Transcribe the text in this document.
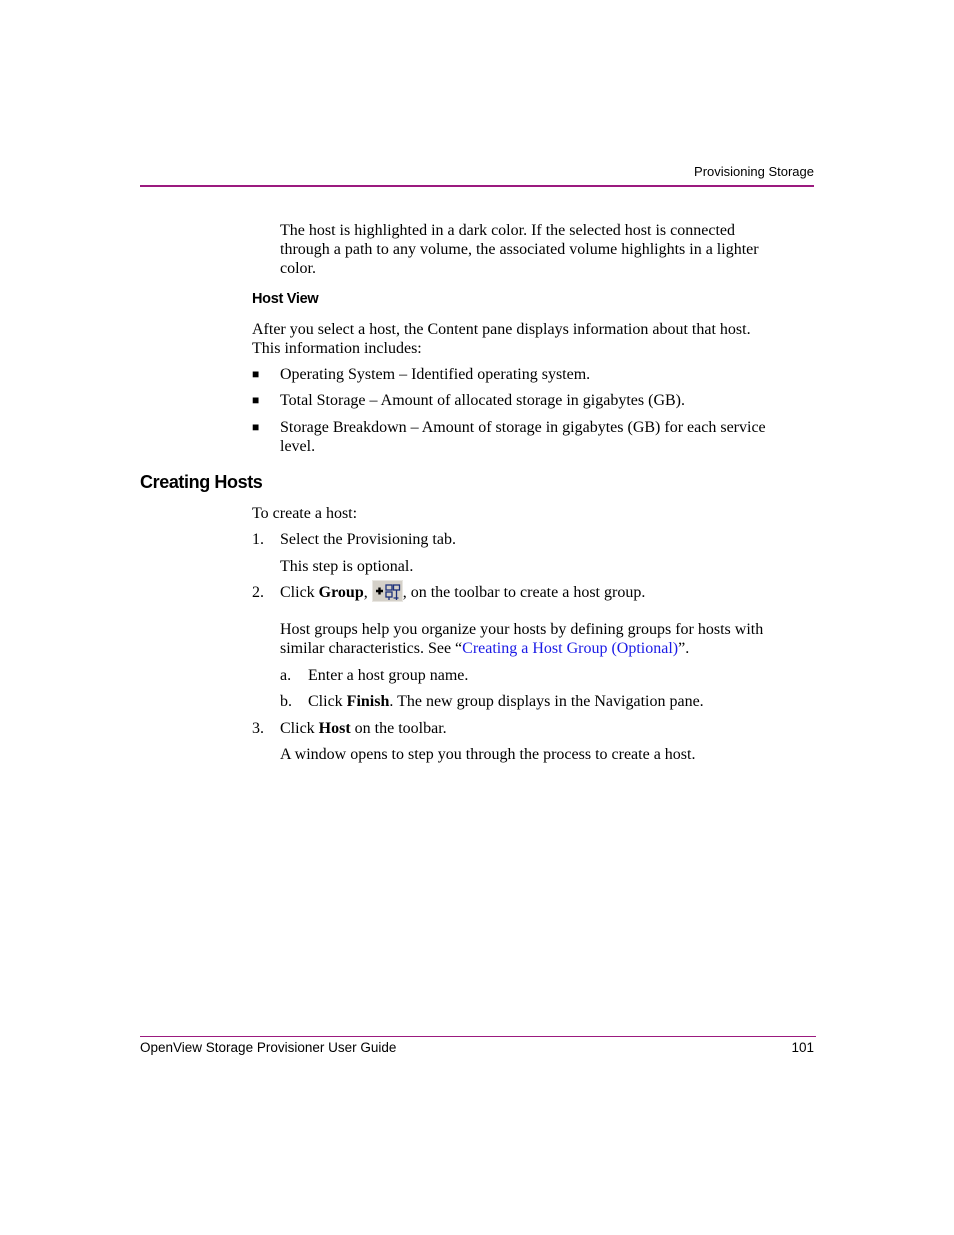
Provisioning Storage
The host is highlighted in a dark color. If the selected host is connected
through a path to any volume, the associated volume highlights in a lighter
color.
Host View
After you select a host, the Content pane displays information about that host.
This information includes:
■ Operating System – Identified operating system.
■ Total Storage – Amount of allocated storage in gigabytes (GB).
■ Storage Breakdown – Amount of storage in gigabytes (GB) for each service
level.
Creating Hosts
To create a host:
1. Select the Provisioning tab.
This step is optional.
2. Click Group,
, on the toolbar to create a host group.
Host groups help you organize your hosts by defining groups for hosts with
similar characteristics. See “Creating a Host Group (Optional)”.
a. Enter a host group name.
b. Click Finish. The new group displays in the Navigation pane.
3. Click Host on the toolbar.
A window opens to step you through the process to create a host.
OpenView Storage Provisioner User Guide	101
